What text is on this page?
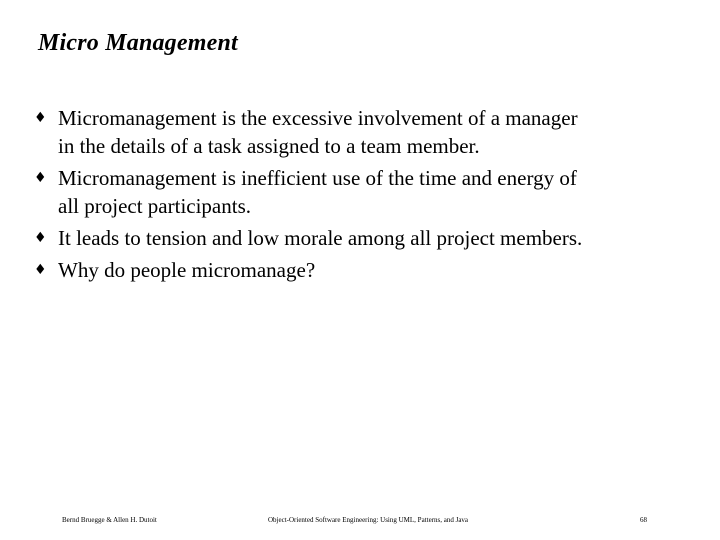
Micro Management
♦ Micromanagement is the excessive involvement of a manager
in the details of a task assigned to a team member.
♦ Micromanagement is inefficient use of the time and energy of
all project participants.
♦ It leads to tension and low morale among all project members.
♦ Why do people micromanage?
Bernd Bruegge & Allen H. Dutoit	Object-Oriented Software Engineering: Using UML, Patterns, and Java	68
